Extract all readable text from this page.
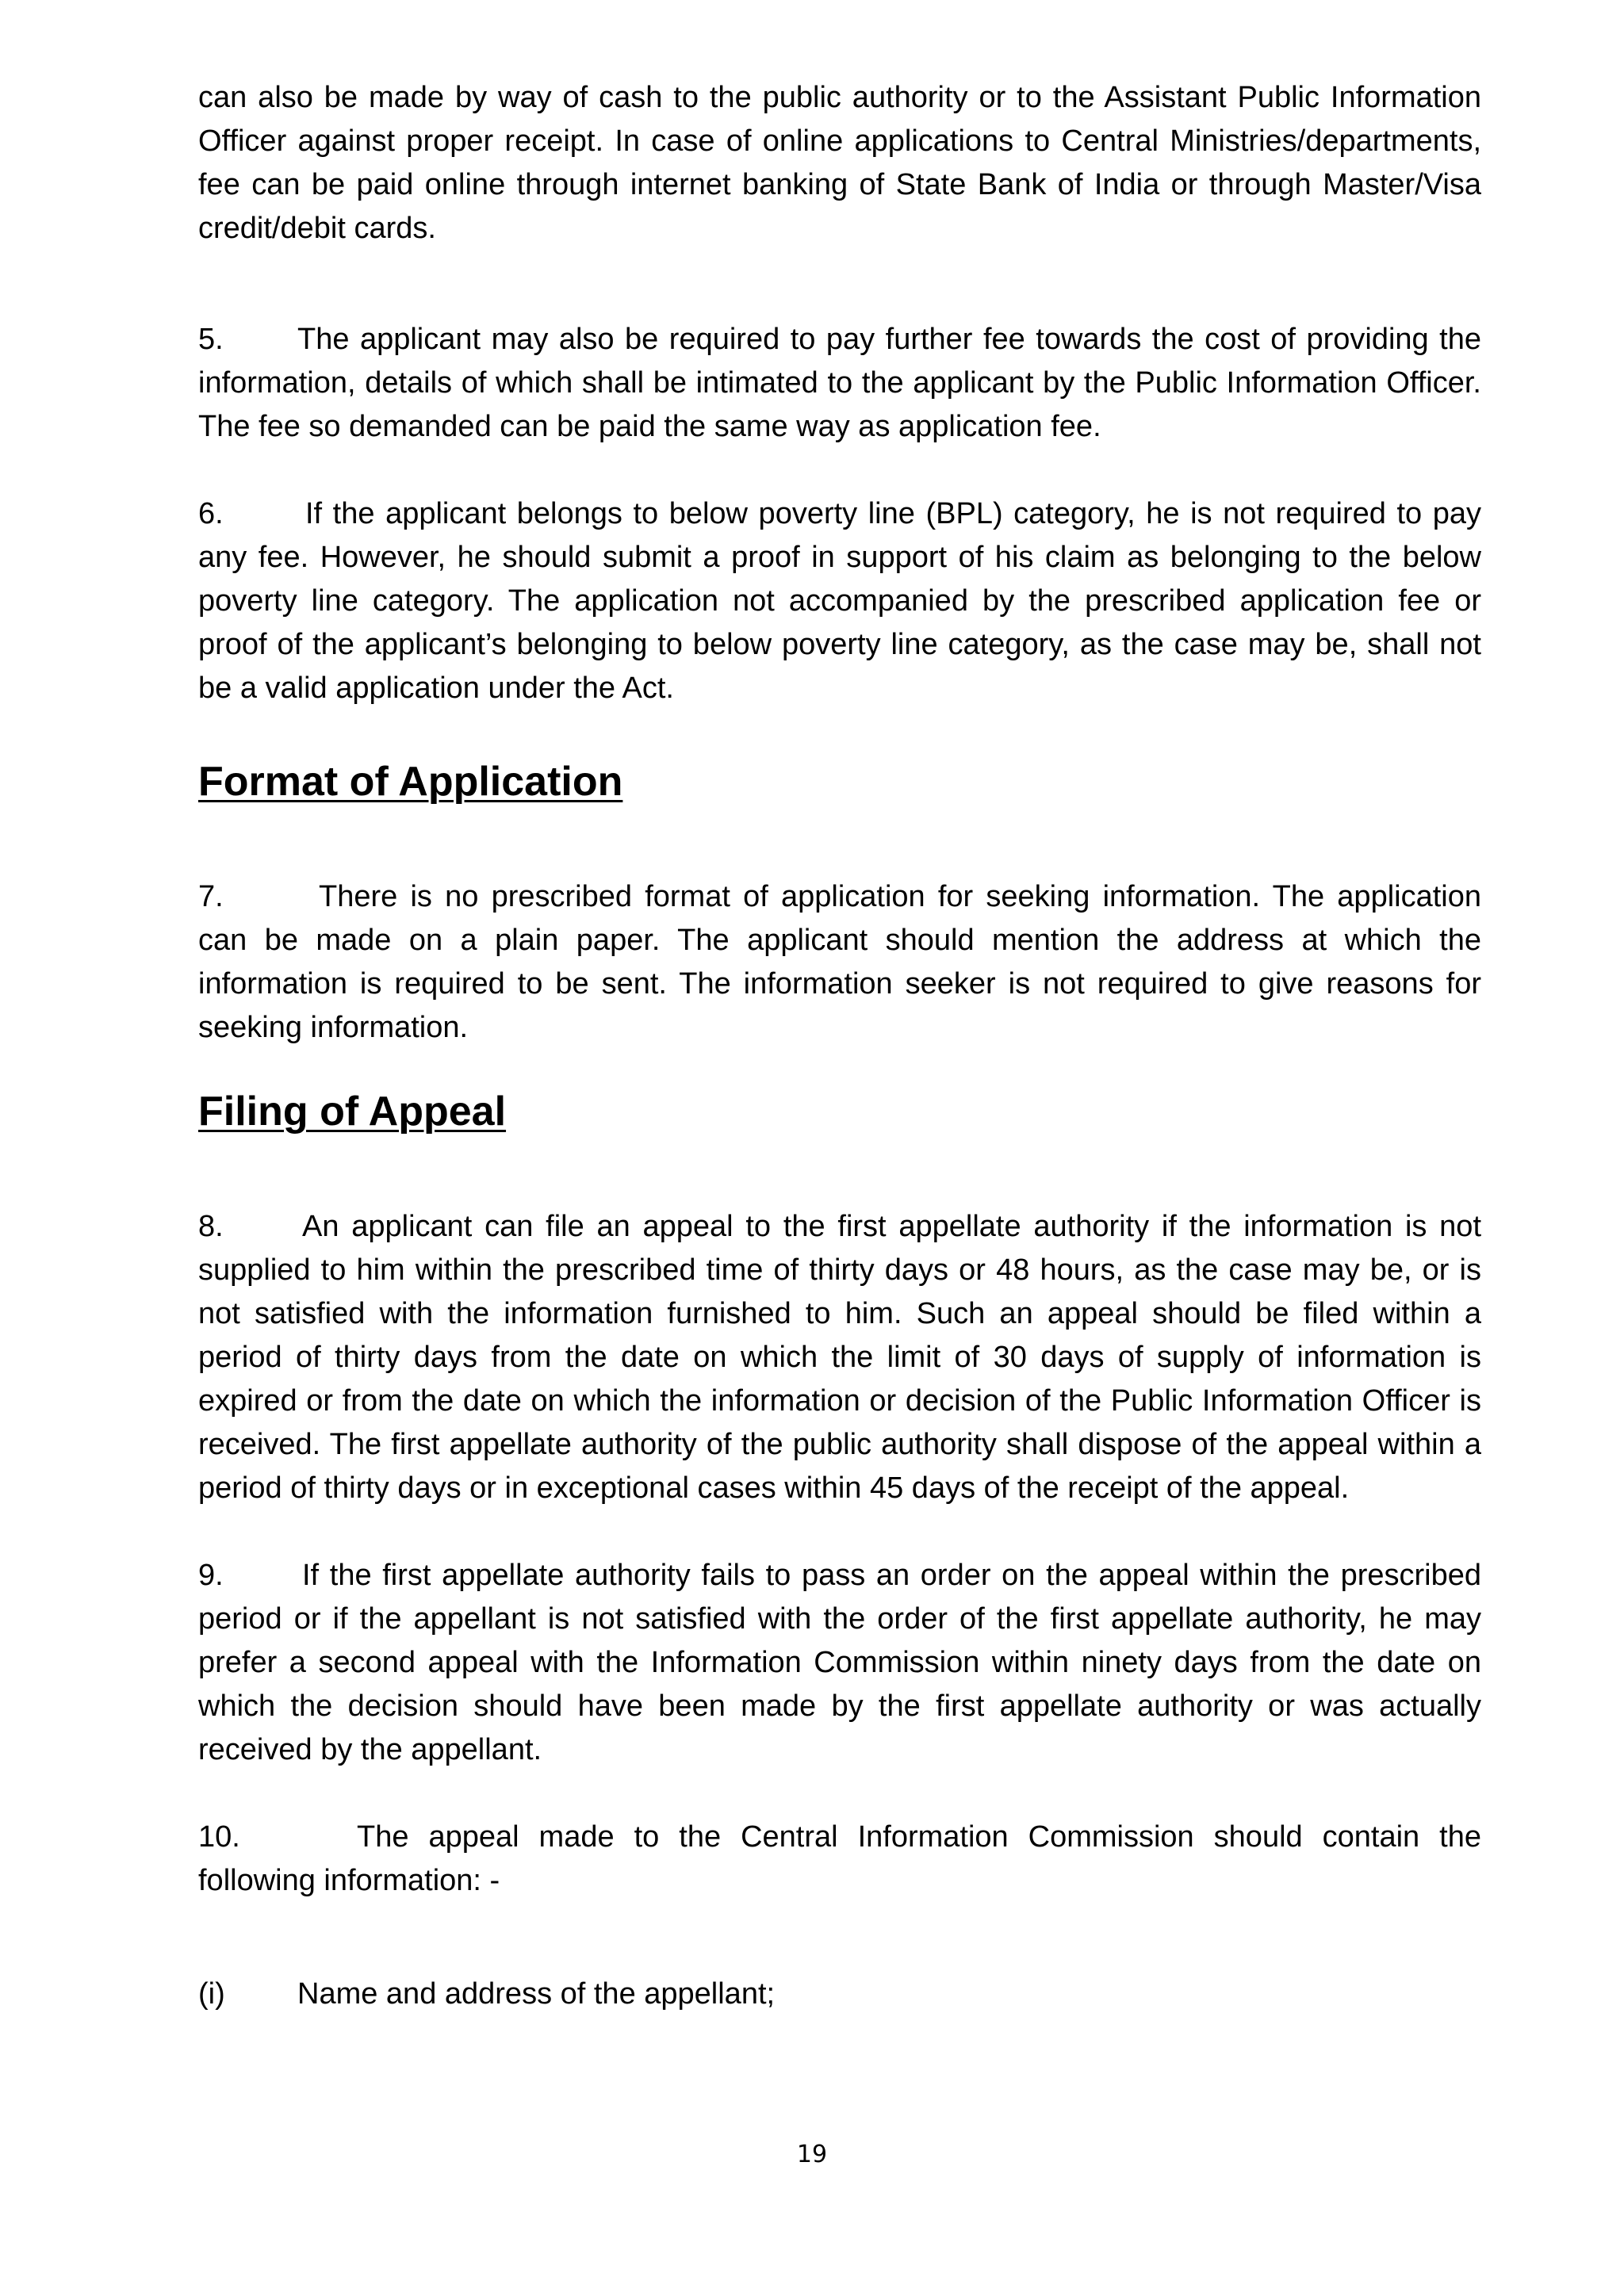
can also be made by way of cash to the public authority or to the Assistant Public Information Officer against proper receipt. In case of online applications to Central Ministries/departments, fee can be paid online through internet banking of State Bank of India or through Master/Visa credit/debit cards.

5. The applicant may also be required to pay further fee towards the cost of providing the information, details of which shall be intimated to the applicant by the Public Information Officer. The fee so demanded can be paid the same way as application fee.

6.	If the applicant belongs to below poverty line (BPL) category, he is not required to pay any fee. However, he should submit a proof in support of his claim as belonging to the below poverty line category. The application not accompanied by the prescribed application fee or proof of the applicant’s belonging to below poverty line category, as the case may be, shall not be a valid application under the Act.

Format of Application

7.	There is no prescribed format of application for seeking information. The application can be made on a plain paper. The applicant should mention the address at which the information is required to be sent. The information seeker is not required to give reasons for seeking information.

Filing of Appeal

8.	An applicant can file an appeal to the first appellate authority if the information is not supplied to him within the prescribed time of thirty days or 48 hours, as the case may be, or is not satisfied with the information furnished to him. Such an appeal should be filed within a period of thirty days from the date on which the limit of 30 days of supply of information is expired or from the date on which the information or decision of the Public Information Officer is received. The first appellate authority of the public authority shall dispose of the appeal within a period of thirty days or in exceptional cases within 45 days of the receipt of the appeal.

9.	If the first appellate authority fails to pass an order on the appeal within the prescribed period or if the appellant is not satisfied with the order of the first appellate authority, he may prefer a second appeal with the Information Commission within ninety days from the date on which the decision should have been made by the first appellate authority or was actually received by the appellant.

10.	The appeal made to the Central Information Commission should contain the following information: -

(i) Name and address of the appellant;

19
